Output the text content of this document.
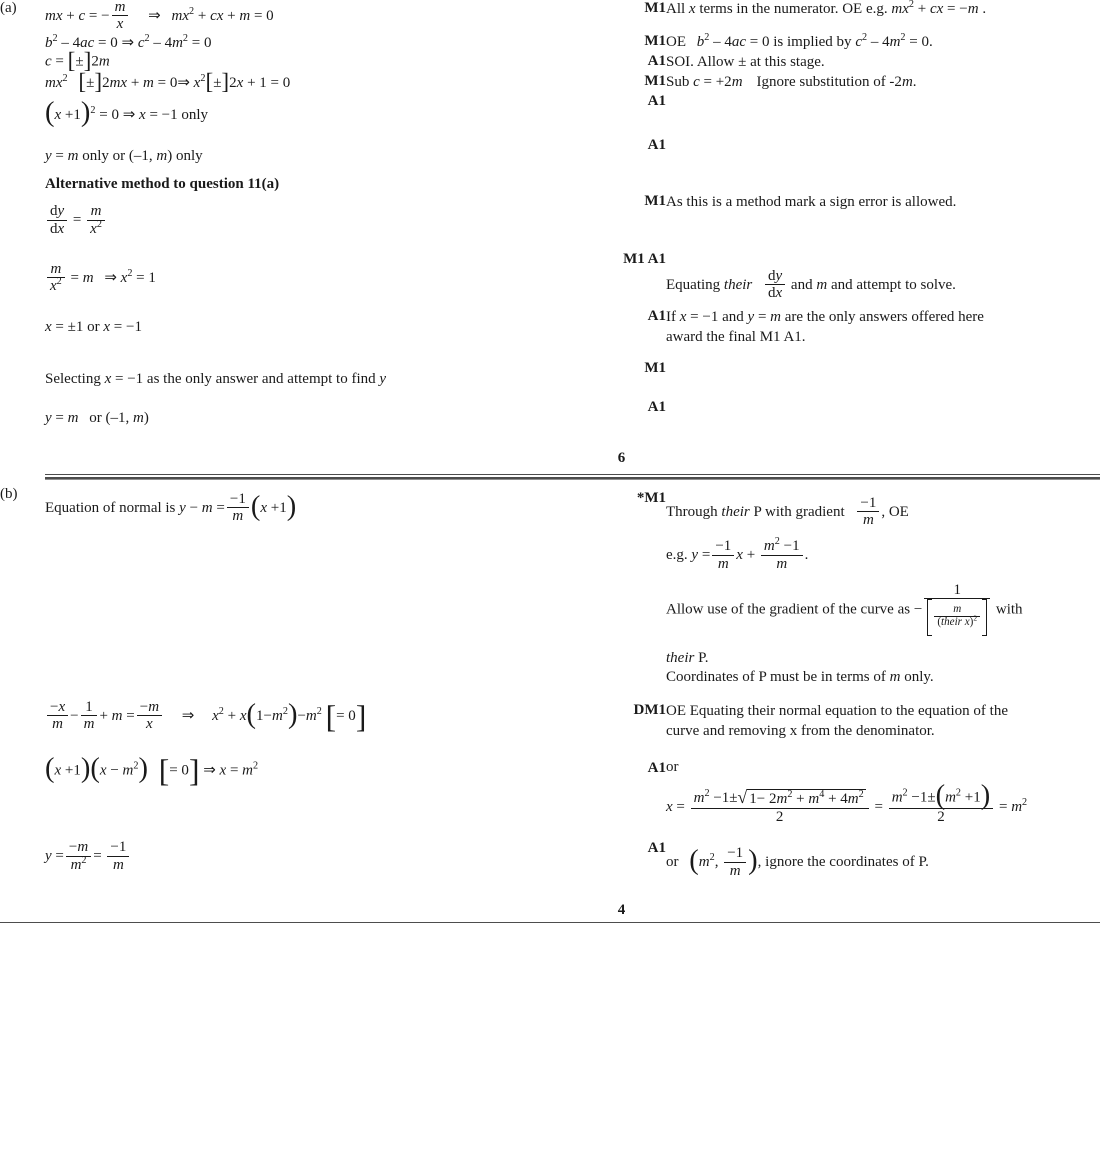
(a)	mx + c = − $\frac{m}{x}$ ⇒ $mx^2$ + cx + m = 0	M1	All x terms in the numerator. OE e.g. $mx^2$ + cx = −m .
	$b^2 - 4ac = 0$ ⇒ $c^2 - 4m^2 = 0$	M1	OE $b^2 - 4ac = 0$ is implied by $c^2 - 4m^2 = 0$.
	c = [±]2m	A1	SOI. Allow ± at this stage.
	$mx^2$ [±]2mx + m = 0⇒ $x^2[\pm]2x + 1 = 0$	M1	Sub c = +2m Ignore substitution of -2m.
	$(x +1)^2 = 0$ ⇒ x = −1 only	A1	
	y = m only or (–1, m) only	A1	
	Alternative method to question 11(a)		

	$\frac{dy}{dx} = \frac{m}{x^2}$	M1	As this is a method mark a sign error is allowed.

	$\frac{m}{x^2} = m$ ⇒ $x^2 = 1$	M1 A1	Equating their $\frac{dy}{dx}$ and m and attempt to solve.
	x = ±1 or x = −1	A1	If x = −1 and y = m are the only answers offered here
award the final M1 A1.

	Selecting x = −1 as the only answer and attempt to find y	M1	
	y = m or (–1, m)	A1	
		6	
(b)	Equation of normal is $y - m = \frac{-1}{m} (x +1)$	*M1	
Through their P with gradient $\frac{-1}{m}$ , OE
e.g. $y = \frac{-1}{m}$ $x + \frac{m^2 -1}{m}$ .
Allow use of the gradient of the curve as − $\frac{1}{\frac{m}{(their x)^2}}$ with
their P.
Coordinates of P must be in terms of m only.

$\frac{-x}{m} - \frac{1}{m} + m = \frac{-m}{x}$ ⇒ $x^2 + x(1-m^2)-m^2$ [= 0]	DM1	OE Equating their normal equation to the equation of the
curve and removing x from the denominator.

	$(x +1)(x - m^2)$ [= 0] ⇒ $x = m^2$	A1	or
$x = \frac{m^2 -1\pm√ 1- 2m^2 + m^4 + 4m^2}{2} = \frac{m^2 -1\pm(m^2 +1)}{2} = m^2$

	$y = \frac{-m}{m^2} = \frac{-1}{m}$	A1	or ($m^2$, $\frac{-1}{m}$ ), ignore the coordinates of P.
		4	
